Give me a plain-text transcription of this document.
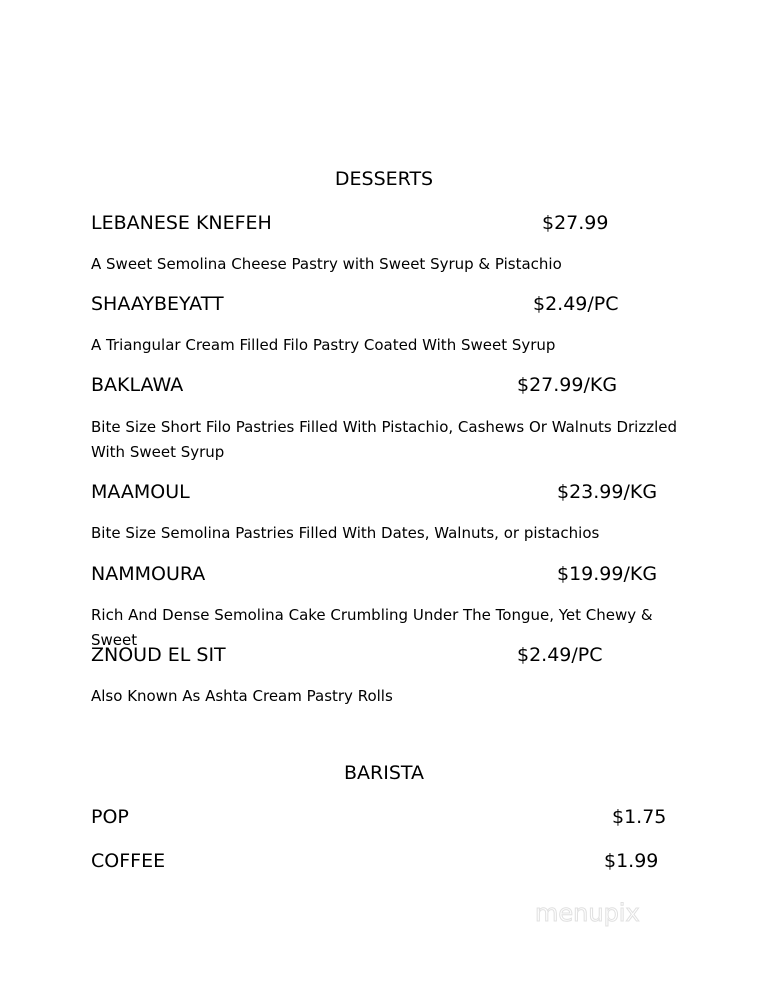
DESSERTS
LEBANESE KNEFEH	$27.99
A Sweet Semolina Cheese Pastry with Sweet Syrup & Pistachio
SHAAYBEYATT	$2.49/PC
A Triangular Cream Filled Filo Pastry Coated With Sweet Syrup
BAKLAWA	$27.99/KG
Bite Size Short Filo Pastries Filled With Pistachio, Cashews Or Walnuts Drizzled With Sweet Syrup
MAAMOUL	$23.99/KG
Bite Size Semolina Pastries Filled With Dates, Walnuts, or pistachios
NAMMOURA	$19.99/KG
Rich And Dense Semolina Cake Crumbling Under The Tongue, Yet Chewy & Sweet
ZNOUD EL SIT	$2.49/PC
Also Known As Ashta Cream Pastry Rolls
BARISTA
POP	$1.75
COFFEE	$1.99
menupix
